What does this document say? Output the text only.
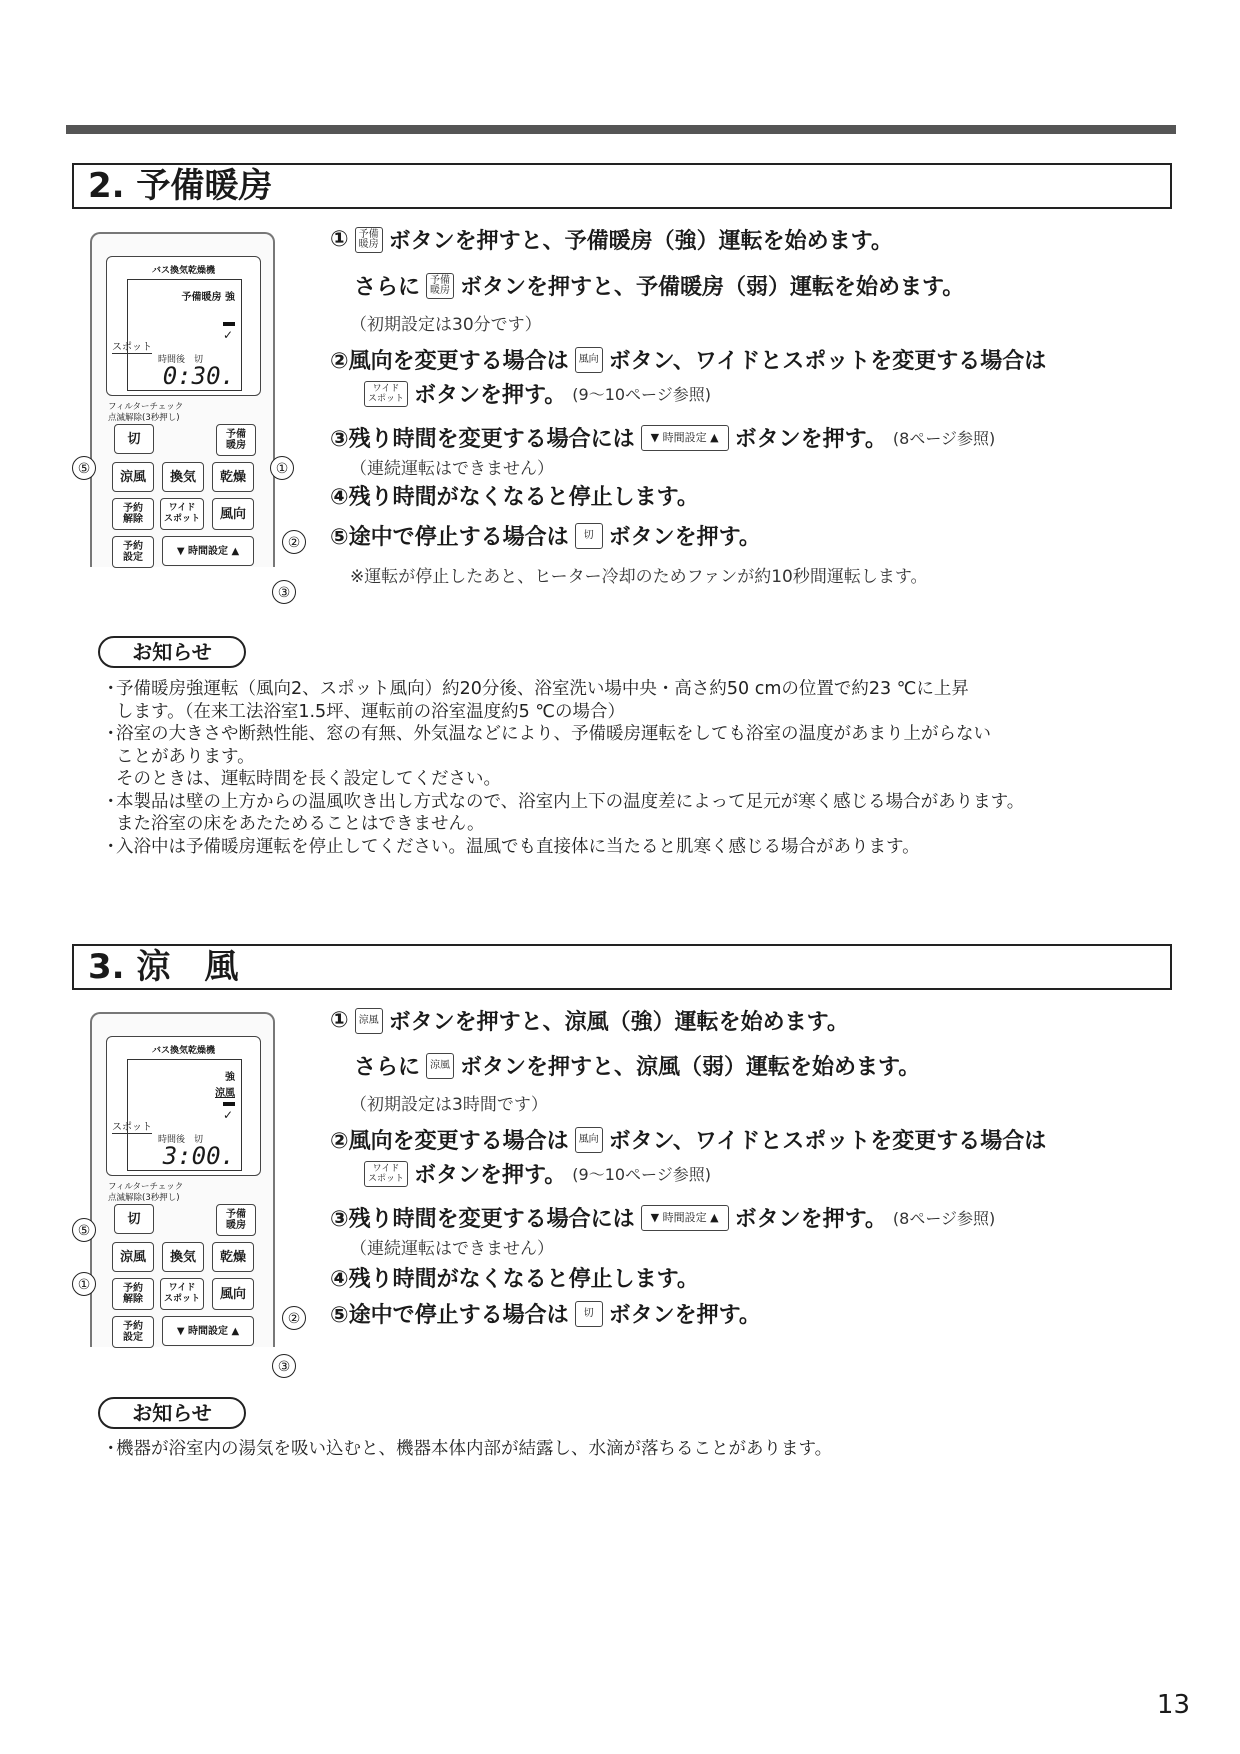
2. 予備暖房
バス換気乾燥機
予備暖房 強
✓
スポット
時間後　切
0:30.
フィルターチェック
点滅解除(3秒押し)
切	予備
暖房
涼風	換気	乾燥
予約
解除
ワイド
スポット	風向
予約
設定
▼ 時間設定 ▲
⑤	①
②
③
①	予備
暖房 ボタンを押すと、予備暖房（強）運転を始めます。
さらに	予備
暖房 ボタンを押すと、予備暖房（弱）運転を始めます。
（初期設定は30分です）
②風向を変更する場合は	風向 ボタン、ワイドとスポットを変更する場合は
ワイド
スポット ボタンを押す。 (9〜10ページ参照)
③残り時間を変更する場合には	▼ 時間設定 ▲ ボタンを押す。 (8ページ参照)
（連続運転はできません）
④残り時間がなくなると停止します。
⑤途中で停止する場合は	切 ボタンを押す。
※運転が停止したあと、ヒーター冷却のためファンが約10秒間運転します。
お知らせ
・ 予備暖房強運転（風向2、スポット風向）約20分後、浴室洗い場中央・高さ約50 cmの位置で約23 ℃に上昇
します。（在来工法浴室1.5坪、運転前の浴室温度約5 ℃の場合）
・ 浴室の大きさや断熱性能、窓の有無、外気温などにより、予備暖房運転をしても浴室の温度があまり上がらない
ことがあります。
そのときは、運転時間を長く設定してください。
・ 本製品は壁の上方からの温風吹き出し方式なので、浴室内上下の温度差によって足元が寒く感じる場合があります。
また浴室の床をあたためることはできません。
・ 入浴中は予備暖房運転を停止してください。温風でも直接体に当たると肌寒く感じる場合があります。
3. 涼　風
バス換気乾燥機
強
涼風
✓
スポット
時間後　切
3:00.
フィルターチェック
点滅解除(3秒押し)
切	予備
暖房
涼風	換気	乾燥
予約
解除
ワイド
スポット	風向
予約
設定
▼ 時間設定 ▲
⑤
①
②
③
①	涼風 ボタンを押すと、涼風（強）運転を始めます。
さらに	涼風 ボタンを押すと、涼風（弱）運転を始めます。
（初期設定は3時間です）
②風向を変更する場合は	風向 ボタン、ワイドとスポットを変更する場合は
ワイド
スポット ボタンを押す。 (9〜10ページ参照)
③残り時間を変更する場合には	▼ 時間設定 ▲ ボタンを押す。 (8ページ参照)
（連続運転はできません）
④残り時間がなくなると停止します。
⑤途中で停止する場合は	切 ボタンを押す。
お知らせ
・ 機器が浴室内の湯気を吸い込むと、機器本体内部が結露し、水滴が落ちることがあります。
13
